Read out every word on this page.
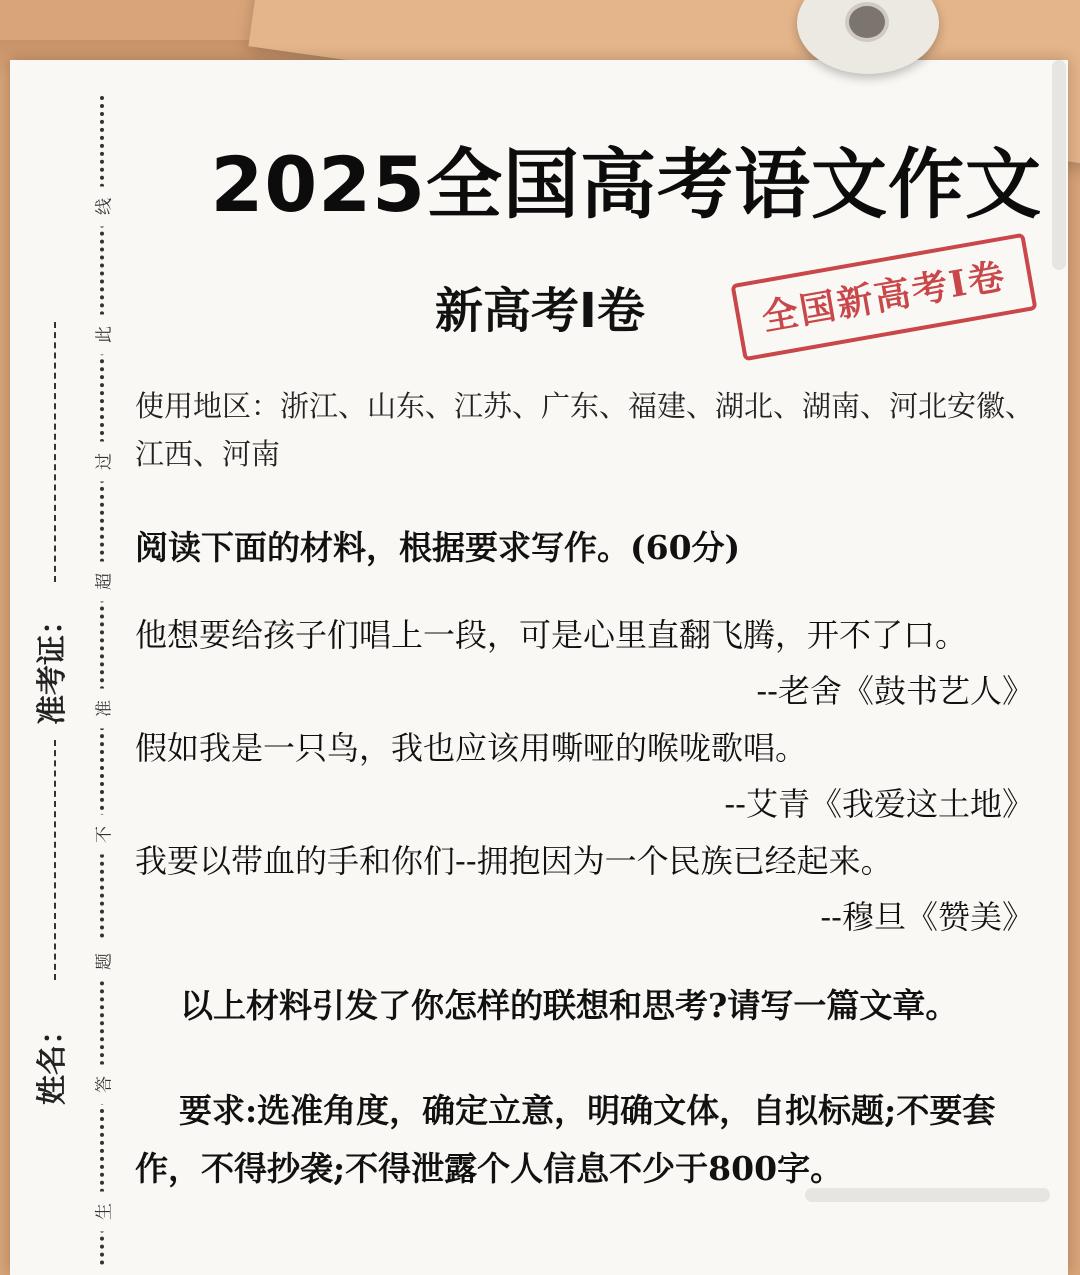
线
此
过
超
准
不
题
答
生
准考证：
姓名：
2025全国高考语文作文
新高考Ⅰ卷	全国新高考Ⅰ卷
使用地区：浙江、山东、江苏、广东、福建、湖北、湖南、河北安徽、江西、河南
阅读下面的材料，根据要求写作。(60分)
他想要给孩子们唱上一段，可是心里直翻飞腾，开不了口。
--老舍《鼓书艺人》
假如我是一只鸟，我也应该用嘶哑的喉咙歌唱。
--艾青《我爱这土地》
我要以带血的手和你们--拥抱因为一个民族已经起来。
--穆旦《赞美》
以上材料引发了你怎样的联想和思考?请写一篇文章。
要求:选准角度，确定立意，明确文体，自拟标题;不要套作，不得抄袭;不得泄露个人信息不少于800字。
